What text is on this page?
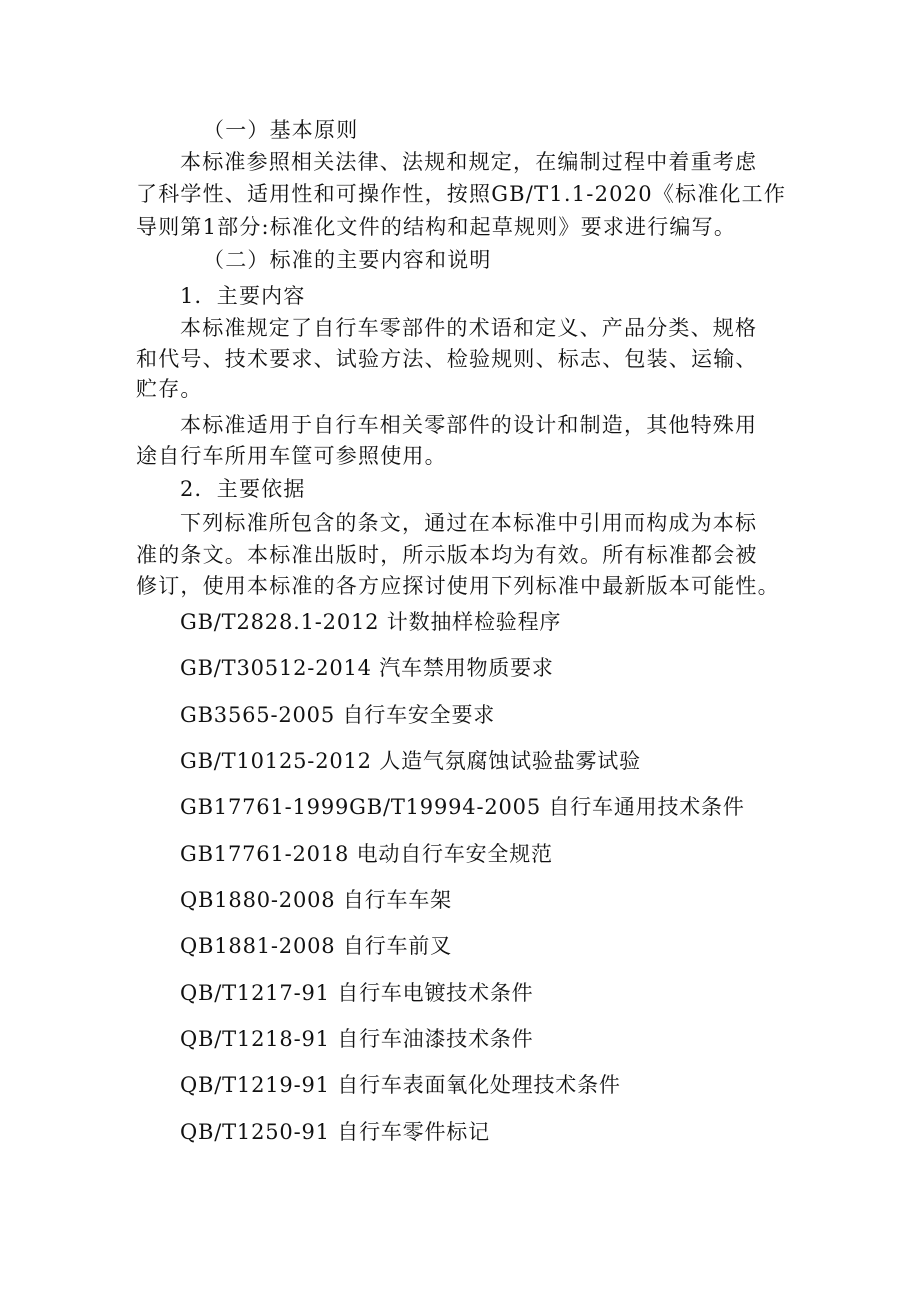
（一）基本原则
本标准参照相关法律、法规和规定，在编制过程中着重考虑
了科学性、适用性和可操作性，按照GB/T1.1-2020《标准化工作
导则第1部分:标准化文件的结构和起草规则》要求进行编写。
（二）标准的主要内容和说明
1．主要内容
本标准规定了自行车零部件的术语和定义、产品分类、规格
和代号、技术要求、试验方法、检验规则、标志、包装、运输、
贮存。
本标准适用于自行车相关零部件的设计和制造，其他特殊用
途自行车所用车筐可参照使用。
2．主要依据
下列标准所包含的条文，通过在本标准中引用而构成为本标
准的条文。本标准出版时，所示版本均为有效。所有标准都会被
修订，使用本标准的各方应探讨使用下列标准中最新版本可能性。
GB/T2828.1-2012 计数抽样检验程序
GB/T30512-2014 汽车禁用物质要求
GB3565-2005 自行车安全要求
GB/T10125-2012 人造气氛腐蚀试验盐雾试验
GB17761-1999GB/T19994-2005 自行车通用技术条件
GB17761-2018 电动自行车安全规范
QB1880-2008 自行车车架
QB1881-2008 自行车前叉
QB/T1217-91 自行车电镀技术条件
QB/T1218-91 自行车油漆技术条件
QB/T1219-91 自行车表面氧化处理技术条件
QB/T1250-91 自行车零件标记
